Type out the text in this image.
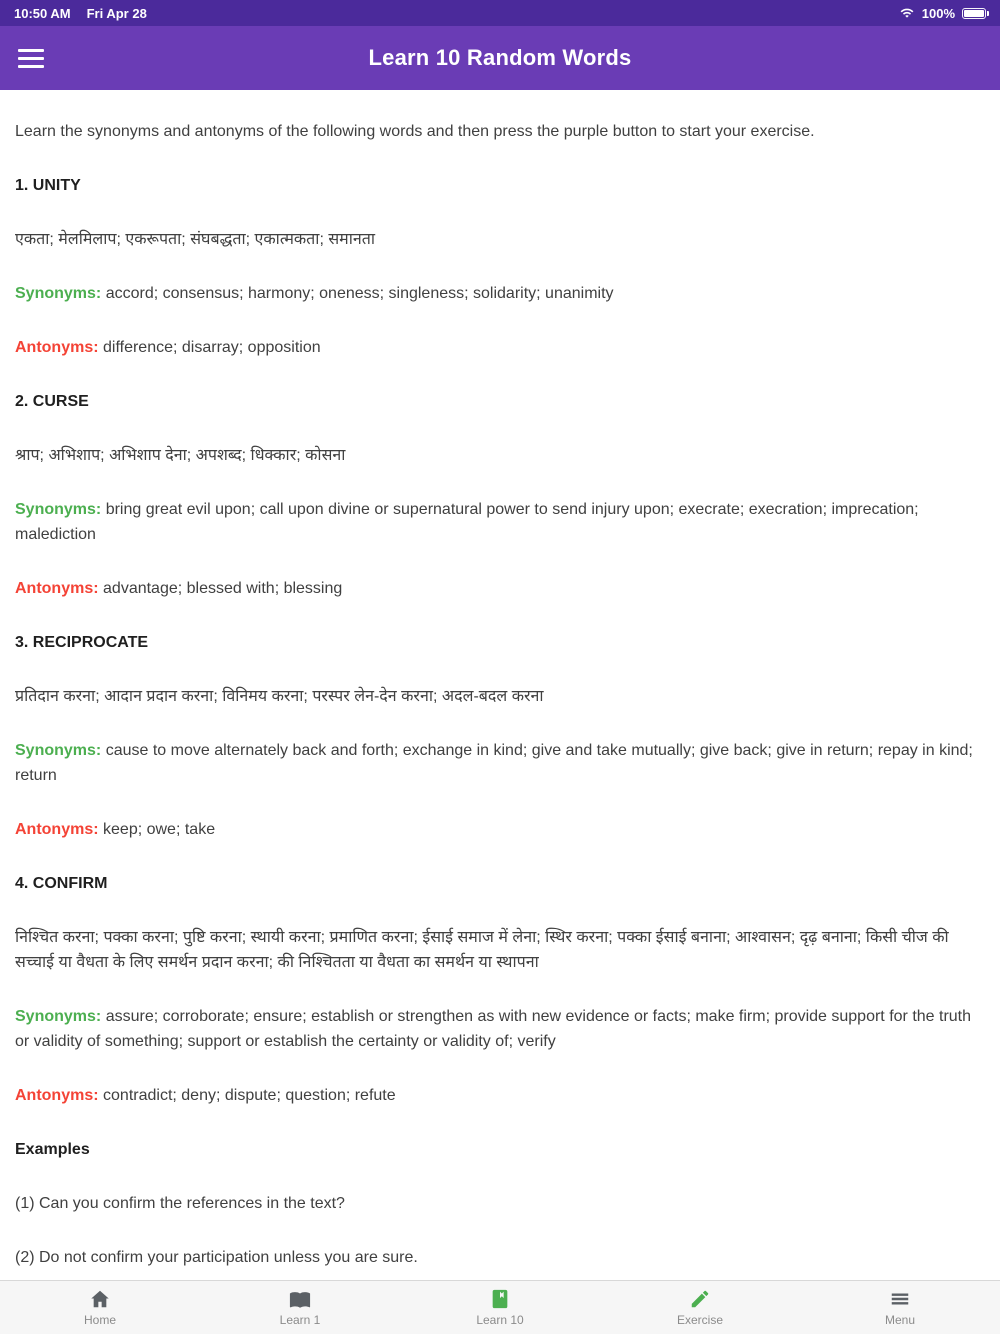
10:50 AM Fri Apr 28	100%
Learn 10 Random Words

Learn the synonyms and antonyms of the following words and then press the purple button to start your exercise.

1. UNITY

एकता; मेलमिलाप; एकरूपता; संघबद्धता; एकात्मकता; समानता

Synonyms: accord; consensus; harmony; oneness; singleness; solidarity; unanimity

Antonyms: difference; disarray; opposition

2. CURSE

श्राप; अभिशाप; अभिशाप देना; अपशब्द; धिक्कार; कोसना

Synonyms: bring great evil upon; call upon divine or supernatural power to send injury upon; execrate; execration; imprecation; malediction

Antonyms: advantage; blessed with; blessing

3. RECIPROCATE

प्रतिदान करना; आदान प्रदान करना; विनिमय करना; परस्पर लेन-देन करना; अदल-बदल करना

Synonyms: cause to move alternately back and forth; exchange in kind; give and take mutually; give back; give in return; repay in kind; return

Antonyms: keep; owe; take

4. CONFIRM

निश्चित करना; पक्का करना; पुष्टि करना; स्थायी करना; प्रमाणित करना; ईसाई समाज में लेना; स्थिर करना; पक्का ईसाई बनाना; आश्वासन; दृढ़ बनाना; किसी चीज की सच्चाई या वैधता के लिए समर्थन प्रदान करना; की निश्चितता या वैधता का समर्थन या स्थापना

Synonyms: assure; corroborate; ensure; establish or strengthen as with new evidence or facts; make firm; provide support for the truth or validity of something; support or establish the certainty or validity of; verify

Antonyms: contradict; deny; dispute; question; refute

Examples

(1) Can you confirm the references in the text?

(2) Do not confirm your participation unless you are sure.

Home	Learn 1	Learn 10	Exercise	Menu
